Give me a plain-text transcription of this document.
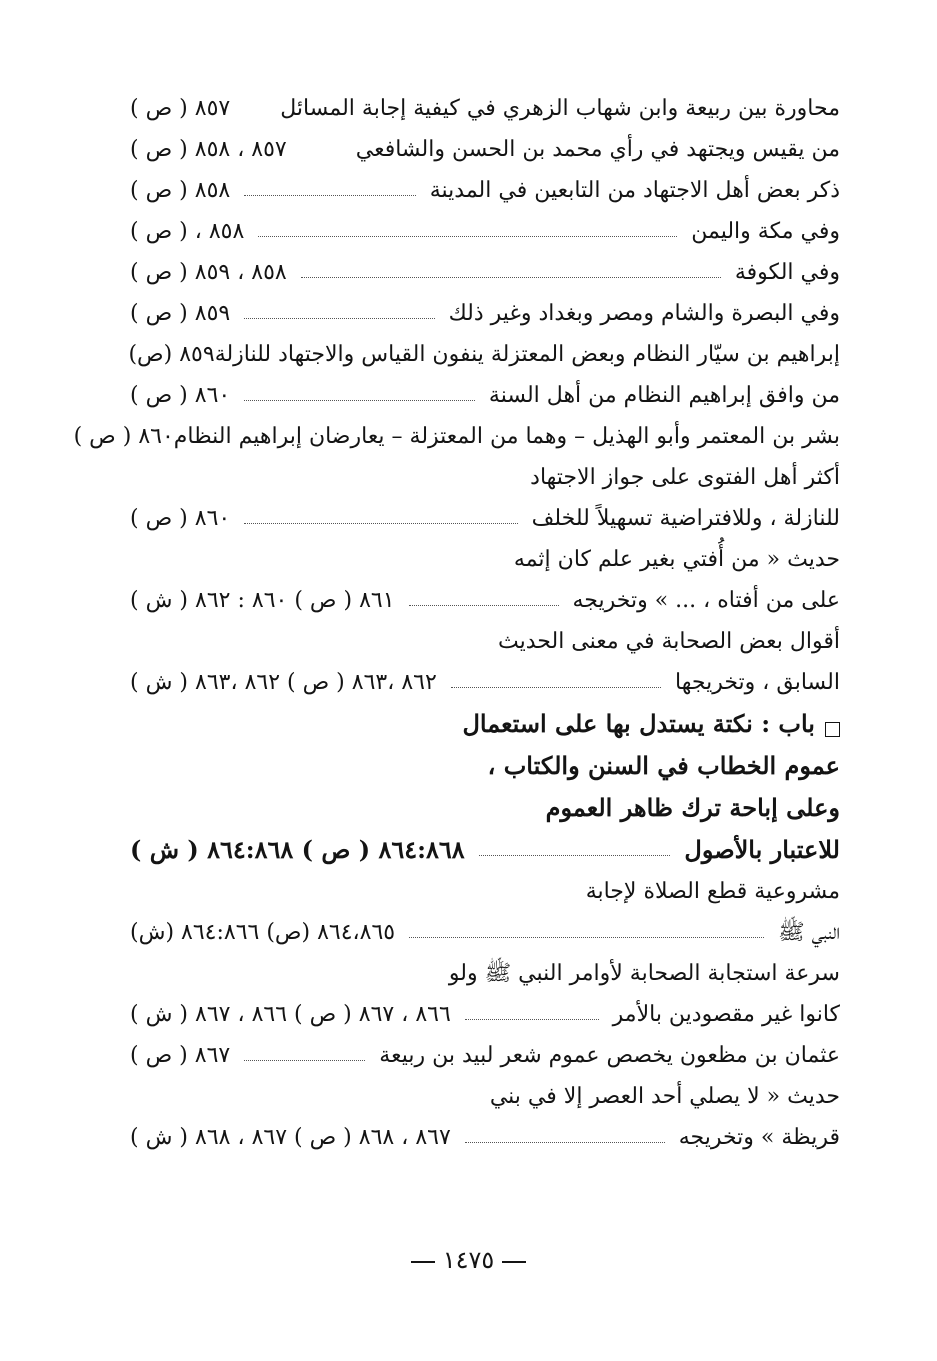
محاورة بين ربيعة وابن شهاب الزهري في كيفية إجابة المسائل
٨٥٧ ( ص )
من يقيس ويجتهد في رأي محمد بن الحسن والشافعي
٨٥٧ ، ٨٥٨ ( ص )
ذكر بعض أهل الاجتهاد من التابعين في المدينة
٨٥٨ ( ص )
وفي مكة واليمن
٨٥٨ ، ( ص )
وفي الكوفة
٨٥٨ ، ٨٥٩ ( ص )
وفي البصرة والشام ومصر وبغداد وغير ذلك
٨٥٩ ( ص )
إبراهيم بن سيّار النظام وبعض المعتزلة ينفون القياس والاجتهاد للنازلة
٨٥٩ (ص)
من وافق إبراهيم النظام من أهل السنة
٨٦٠ ( ص )
بشر بن المعتمر وأبو الهذيل – وهما من المعتزلة – يعارضان إبراهيم النظام
٨٦٠ ( ص )
أكثر أهل الفتوى على جواز الاجتهاد
للنازلة ، وللافتراضية تسهيلاً للخلف
٨٦٠ ( ص )
حديث « من أُفتي بغير علم كان إثمه
على من أفتاه ، ... » وتخريجه
٨٦١ ( ص ) ٨٦٠ : ٨٦٢ ( ش )
أقوال بعض الصحابة في معنى الحديث
السابق ، وتخريجها
٨٦٢ ،٨٦٣ ( ص ) ٨٦٢ ،٨٦٣ ( ش )
باب : نكتة يستدل بها على استعمال
عموم الخطاب في السنن والكتاب ،
وعلى إباحة ترك ظاهر العموم
للاعتبار بالأصول
٨٦٤:٨٦٨ ( ص ) ٨٦٤:٨٦٨ ( ش )
مشروعية قطع الصلاة لإجابة
النبي ﷺ
٨٦٤،٨٦٥ (ص) ٨٦٤:٨٦٦ (ش)
سرعة استجابة الصحابة لأوامر النبي ﷺ ولو
كانوا غير مقصودين بالأمر
٨٦٦ ، ٨٦٧ ( ص ) ٨٦٦ ، ٨٦٧ ( ش )
عثمان بن مظعون يخصص عموم شعر لبيد بن ربيعة
٨٦٧ ( ص )
حديث « لا يصلي أحد العصر إلا في بني
قريظة » وتخريجه
٨٦٧ ، ٨٦٨ ( ص ) ٨٦٧ ، ٨٦٨ ( ش )
١٤٧٥
